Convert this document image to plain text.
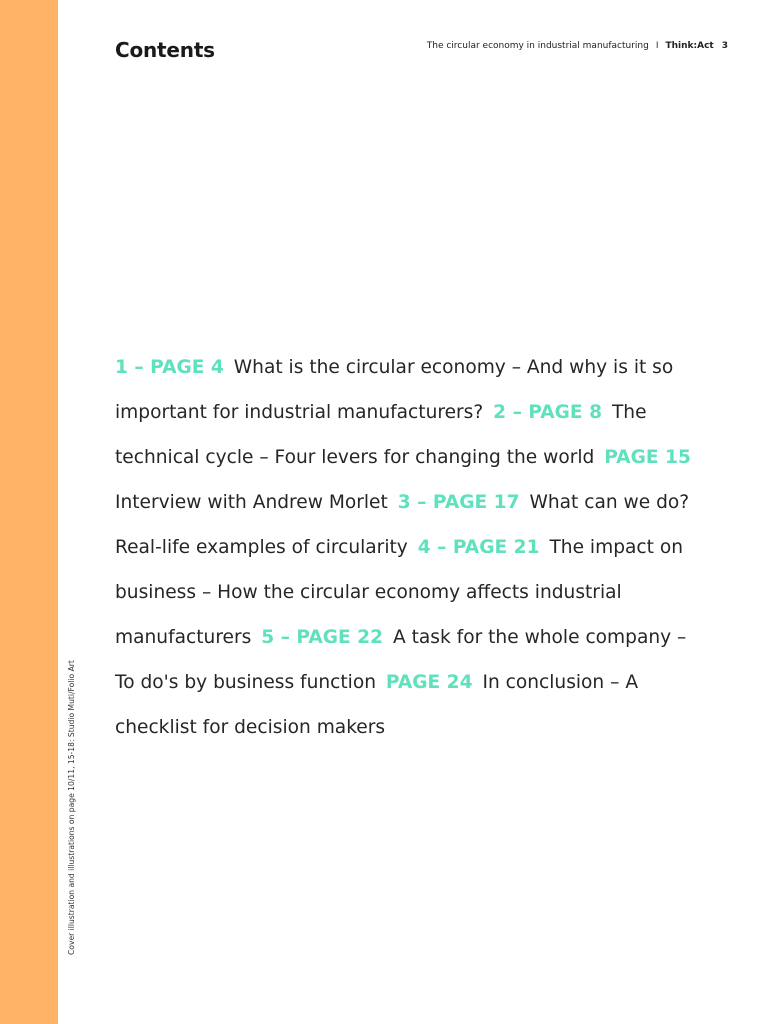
Contents	The circular economy in industrial manufacturing I Think:Act 3
Cover illustration and illustrations on page 10/11, 15-18: Studio Muti/Folio Art
1 – PAGE 4 What is the circular economy – And why is it so important for industrial manufacturers? 2 – PAGE 8 The technical cycle – Four levers for changing the world PAGE 15 Interview with Andrew Morlet 3 – PAGE 17 What can we do? Real-life examples of circularity 4 – PAGE 21 The impact on business – How the circular economy affects industrial manufacturers 5 – PAGE 22 A task for the whole company – To do's by business function PAGE 24 In conclusion – A checklist for decision makers
